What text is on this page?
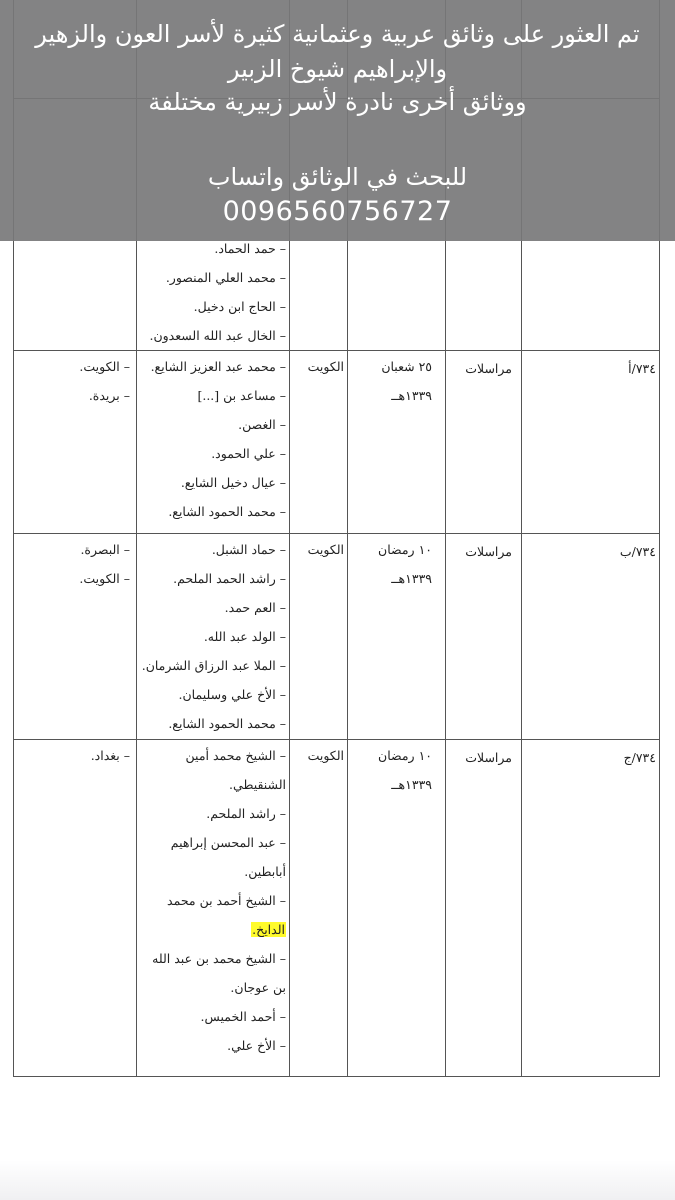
– حمد الحماد.
– محمد العلي المنصور.
– الحاج ابن دخيل.
– الخال عبد الله السعدون.
٧٣٤/أ
مراسلات
٢٥ شعبان
١٣٣٩هــ
الكويت
– محمد عبد العزيز الشايع.
– مساعد بن [...]
– الغصن.
– علي الحمود.
– عيال دخيل الشايع.
– محمد الحمود الشايع.
– الكويت.
– بريدة.
٧٣٤/ب
مراسلات
١٠ رمضان
١٣٣٩هــ
الكويت
– حماد الشبل.
– راشد الحمد الملحم.
– العم حمد.
– الولد عبد الله.
– الملا عبد الرزاق الشرمان.
– الأخ علي وسليمان.
– محمد الحمود الشايع.
– البصرة.
– الكويت.
٧٣٤/ج
مراسلات
١٠ رمضان
١٣٣٩هــ
الكويت
– الشيخ محمد أمين
الشنقيطي.
– راشد الملحم.
– عبد المحسن إبراهيم
أبابطين.
– الشيخ أحمد بن محمد
الدايخ.
– الشيخ محمد بن عبد الله
بن عوجان.
– أحمد الخميس.
– الأخ علي.
– بغداد.
تم العثور على وثائق عربية وعثمانية كثيرة لأسر العون والزهير
والإبراهيم شيوخ الزبير
ووثائق أخرى نادرة لأسر زبيرية مختلفة
للبحث في الوثائق واتساب
0096560756727
